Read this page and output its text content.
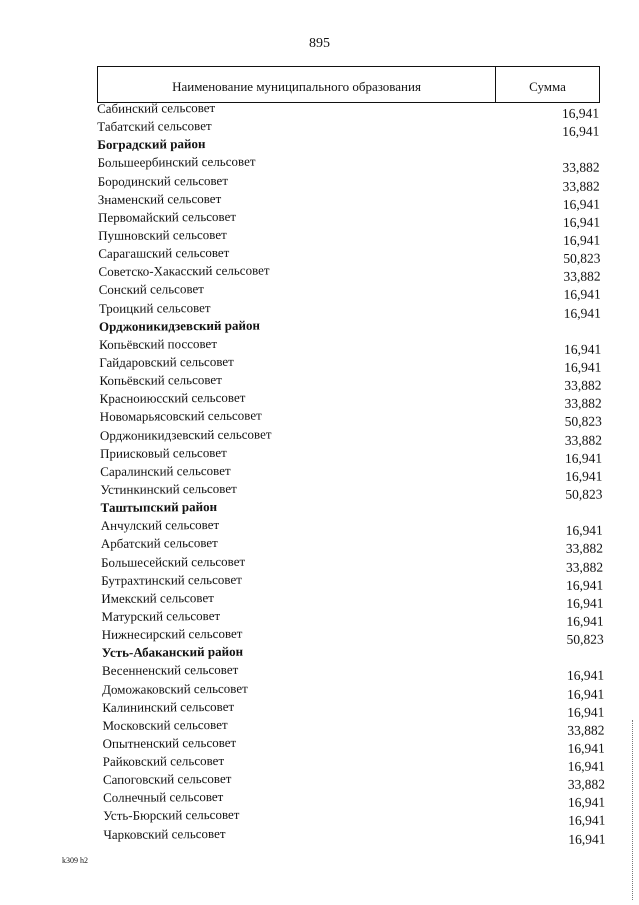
895
Наименование муниципального образования	Сумма
Сабинский сельсовет	16,941
Табатский сельсовет	16,941
Боградский район
Большеербинский сельсовет	33,882
Бородинский сельсовет	33,882
Знаменский сельсовет	16,941
Первомайский сельсовет	16,941
Пушновский сельсовет	16,941
Сарагашский сельсовет	50,823
Советско-Хакасский сельсовет	33,882
Сонский сельсовет	16,941
Троицкий сельсовет	16,941
Орджоникидзевский район
Копьёвский поссовет	16,941
Гайдаровский сельсовет	16,941
Копьёвский сельсовет	33,882
Красноиюсский сельсовет	33,882
Новомарьясовский сельсовет	50,823
Орджоникидзевский сельсовет	33,882
Приисковый сельсовет	16,941
Саралинский сельсовет	16,941
Устинкинский сельсовет	50,823
Таштыпский район
Анчулский сельсовет	16,941
Арбатский сельсовет	33,882
Большесейский сельсовет	33,882
Бутрахтинский сельсовет	16,941
Имекский сельсовет	16,941
Матурский сельсовет	16,941
Нижнесирский сельсовет	50,823
Усть-Абаканский район
Весенненский сельсовет	16,941
Доможаковский сельсовет	16,941
Калининский сельсовет	16,941
Московский сельсовет	33,882
Опытненский сельсовет	16,941
Райковский сельсовет	16,941
Сапоговский сельсовет	33,882
Солнечный сельсовет	16,941
Усть-Бюрский сельсовет	16,941
Чарковский сельсовет	16,941
k309 h2
